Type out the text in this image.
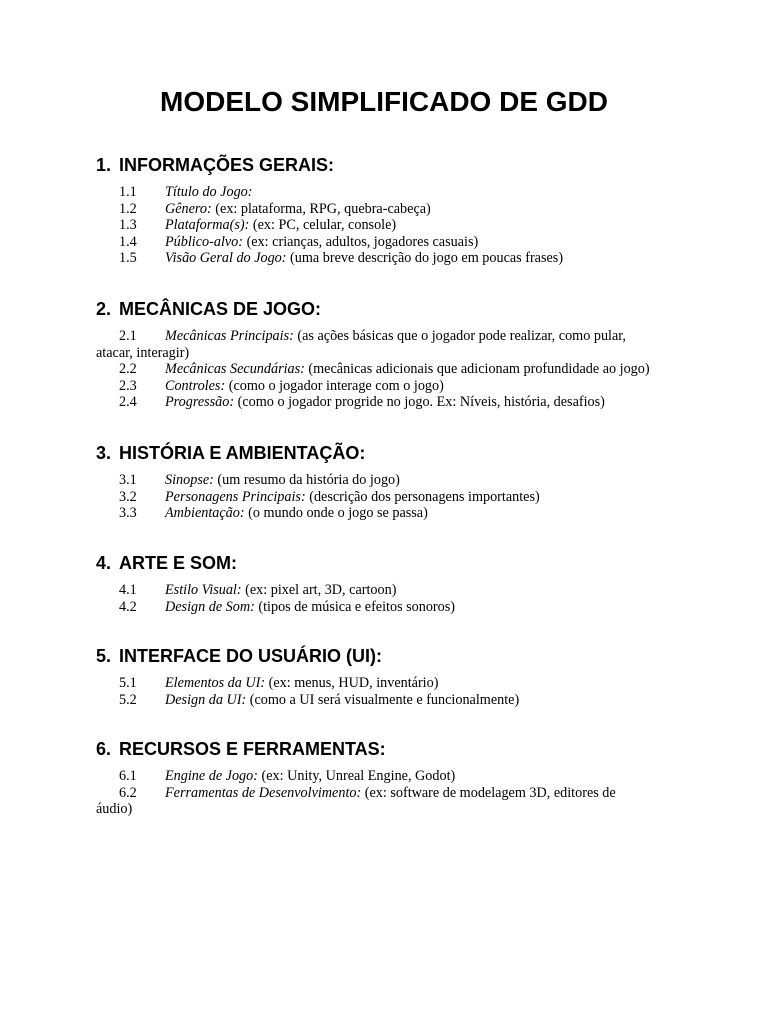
MODELO SIMPLIFICADO DE GDD
1. INFORMAÇÕES GERAIS:
1.1 Título do Jogo:
1.2 Gênero: (ex: plataforma, RPG, quebra-cabeça)
1.3 Plataforma(s): (ex: PC, celular, console)
1.4 Público-alvo: (ex: crianças, adultos, jogadores casuais)
1.5 Visão Geral do Jogo: (uma breve descrição do jogo em poucas frases)
2. MECÂNICAS DE JOGO:
2.1 Mecânicas Principais: (as ações básicas que o jogador pode realizar, como pular,
atacar, interagir)
2.2 Mecânicas Secundárias: (mecânicas adicionais que adicionam profundidade ao jogo)
2.3 Controles: (como o jogador interage com o jogo)
2.4 Progressão: (como o jogador progride no jogo. Ex: Níveis, história, desafios)
3. HISTÓRIA E AMBIENTAÇÃO:
3.1 Sinopse: (um resumo da história do jogo)
3.2 Personagens Principais: (descrição dos personagens importantes)
3.3 Ambientação: (o mundo onde o jogo se passa)
4. ARTE E SOM:
4.1 Estilo Visual: (ex: pixel art, 3D, cartoon)
4.2 Design de Som: (tipos de música e efeitos sonoros)
5. INTERFACE DO USUÁRIO (UI):
5.1 Elementos da UI: (ex: menus, HUD, inventário)
5.2 Design da UI: (como a UI será visualmente e funcionalmente)
6. RECURSOS E FERRAMENTAS:
6.1 Engine de Jogo: (ex: Unity, Unreal Engine, Godot)
6.2 Ferramentas de Desenvolvimento: (ex: software de modelagem 3D, editores de
áudio)
